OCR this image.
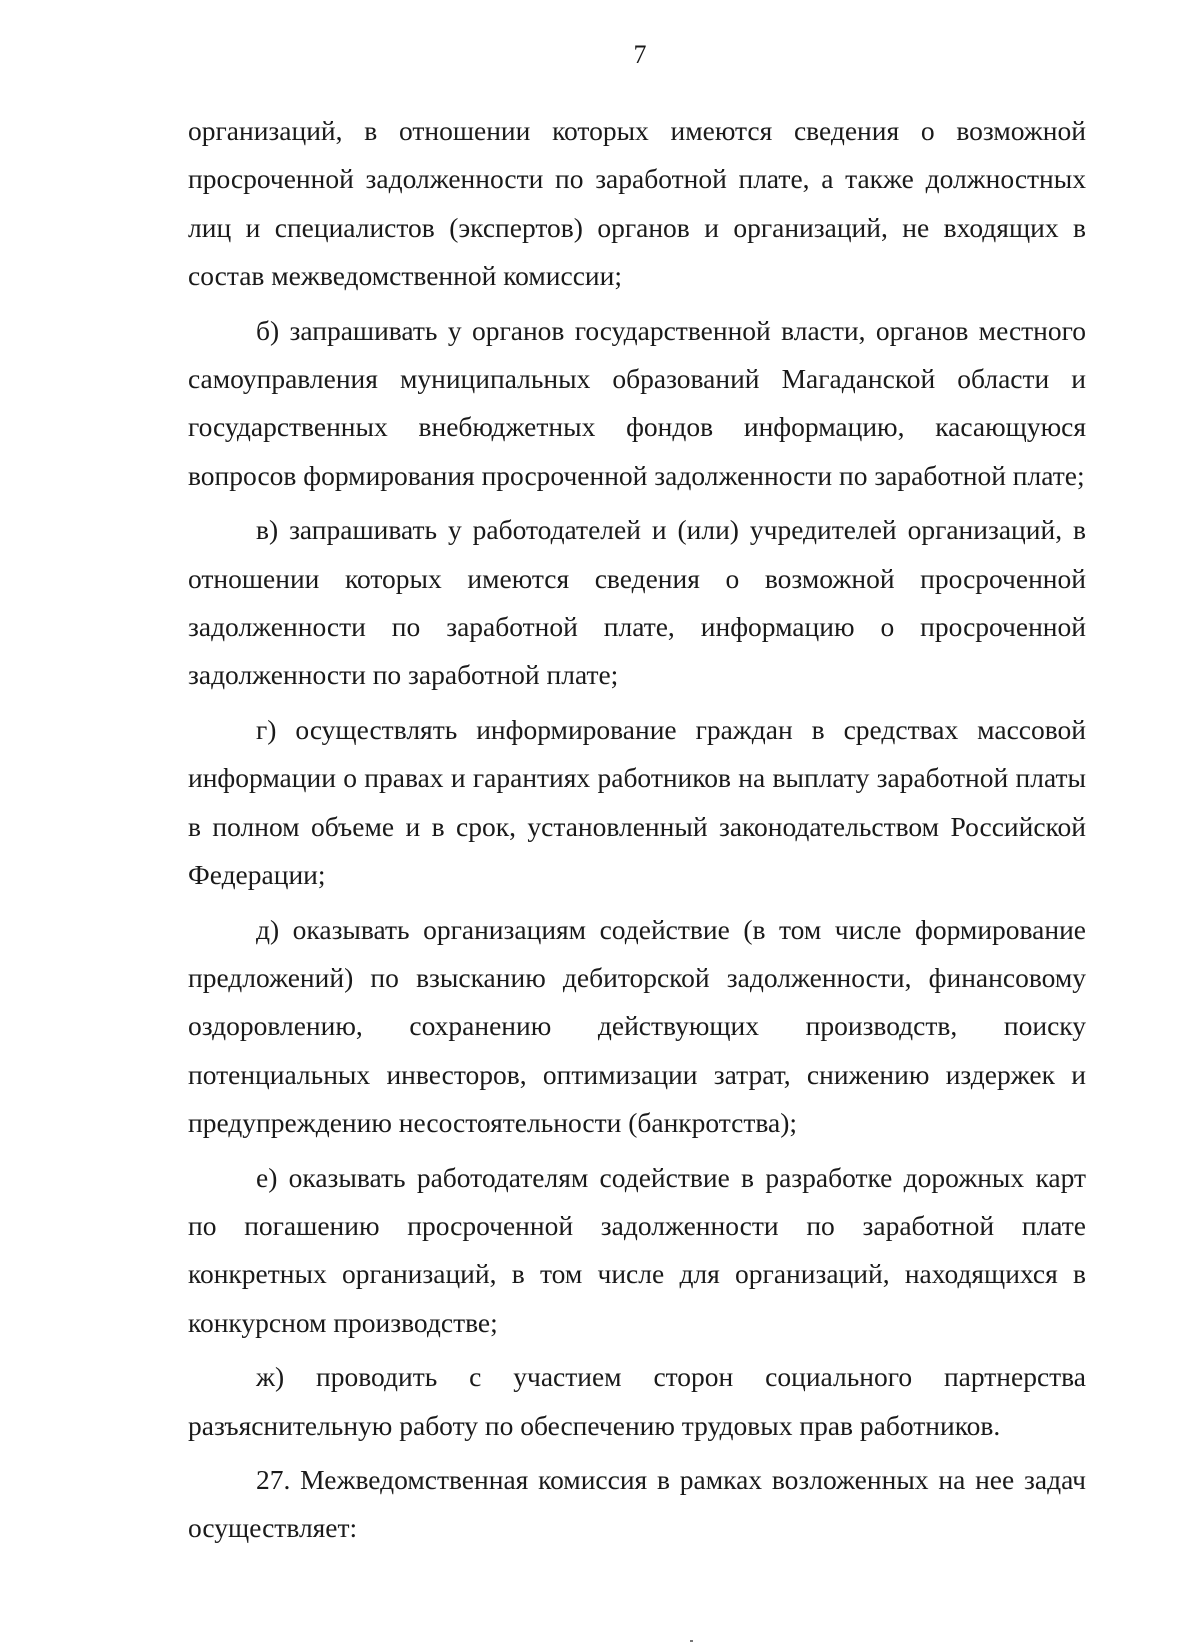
7

организаций, в отношении которых имеются сведения о возможной просроченной задолженности по заработной плате, а также должностных лиц и специалистов (экспертов) органов и организаций, не входящих в состав межведомственной комиссии;

б) запрашивать у органов государственной власти, органов местного самоуправления муниципальных образований Магаданской области и государственных внебюджетных фондов информацию, касающуюся вопросов формирования просроченной задолженности по заработной плате;

в) запрашивать у работодателей и (или) учредителей организаций, в отношении которых имеются сведения о возможной просроченной задолженности по заработной плате, информацию о просроченной задолженности по заработной плате;

г) осуществлять информирование граждан в средствах массовой информации о правах и гарантиях работников на выплату заработной платы в полном объеме и в срок, установленный законодательством Российской Федерации;

д) оказывать организациям содействие (в том числе формирование предложений) по взысканию дебиторской задолженности, финансовому оздоровлению, сохранению действующих производств, поиску потенциальных инвесторов, оптимизации затрат, снижению издержек и предупреждению несостоятельности (банкротства);

е) оказывать работодателям содействие в разработке дорожных карт по погашению просроченной задолженности по заработной плате конкретных организаций, в том числе для организаций, находящихся в конкурсном производстве;

ж) проводить с участием сторон социального партнерства разъяснительную работу по обеспечению трудовых прав работников.

27. Межведомственная комиссия в рамках возложенных на нее задач осуществляет:
